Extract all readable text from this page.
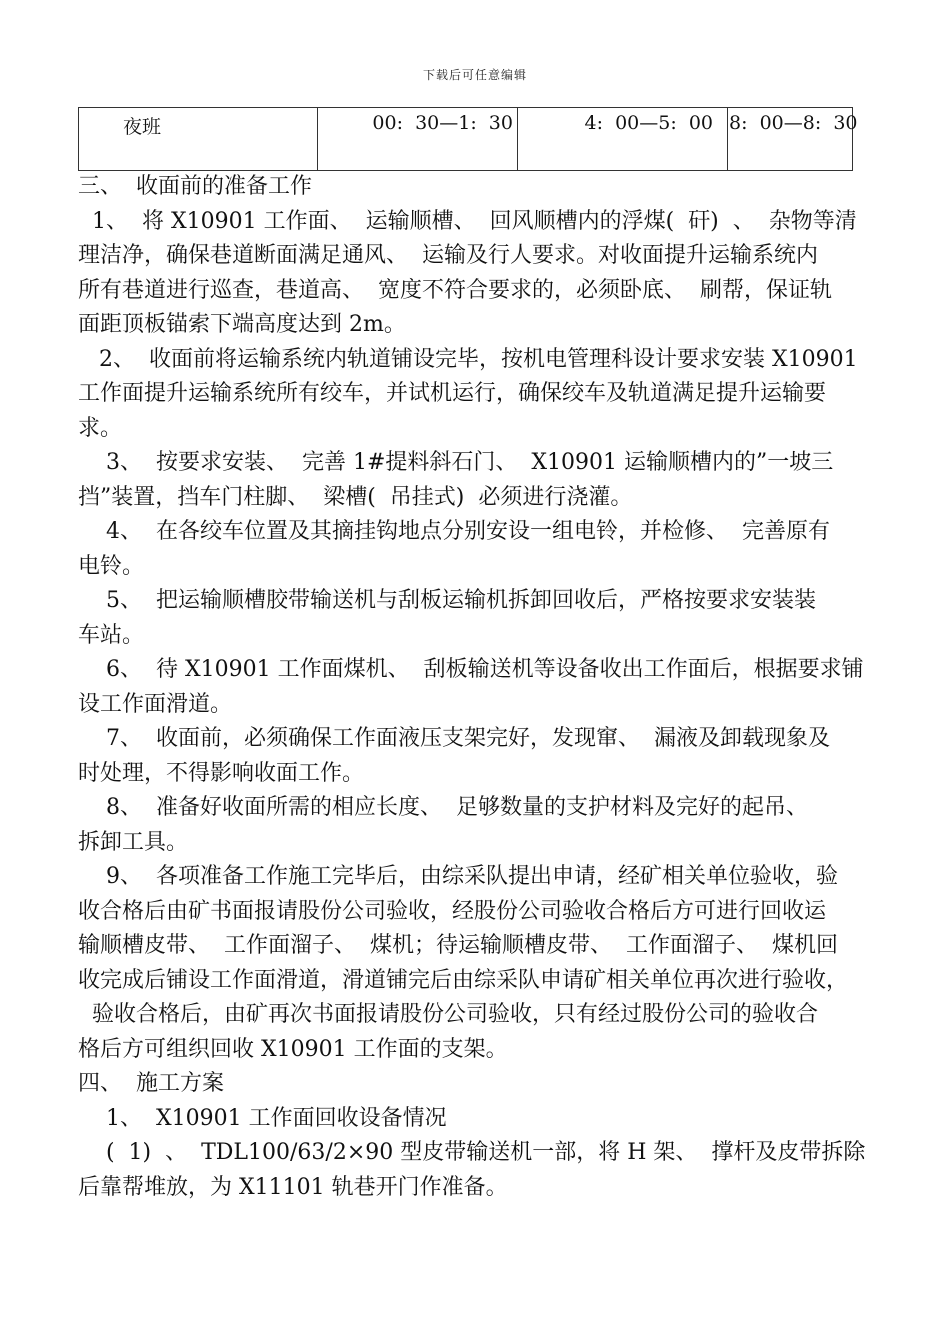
下载后可任意编辑
夜班	00:  30—1:  30	4:  00—5:  00	8:  00—8:  30

三、  收面前的准备工作

1、  将 X10901 工作面、  运输顺槽、  回风顺槽内的浮煤(  矸)  、  杂物等清

理洁净，确保巷道断面满足通风、  运输及行人要求。对收面提升运输系统内

所有巷道进行巡查，巷道高、  宽度不符合要求的，必须卧底、  刷帮，保证轨

面距顶板锚索下端高度达到 2m。

2、  收面前将运输系统内轨道铺设完毕，按机电管理科设计要求安装 X10901

工作面提升运输系统所有绞车，并试机运行，确保绞车及轨道满足提升运输要

求。

3、  按要求安装、  完善 1#提料斜石门、  X10901 运输顺槽内的”一坡三

挡”装置，挡车门柱脚、  梁槽(  吊挂式)  必须进行浇灌。

4、  在各绞车位置及其摘挂钩地点分别安设一组电铃，并检修、  完善原有

电铃。

5、  把运输顺槽胶带输送机与刮板运输机拆卸回收后，严格按要求安装装

车站。

6、  待 X10901 工作面煤机、  刮板输送机等设备收出工作面后，根据要求铺

设工作面滑道。

7、  收面前，必须确保工作面液压支架完好，发现窜、  漏液及卸载现象及

时处理，不得影响收面工作。

8、  准备好收面所需的相应长度、  足够数量的支护材料及完好的起吊、

拆卸工具。

9、  各项准备工作施工完毕后，由综采队提出申请，经矿相关单位验收，验

收合格后由矿书面报请股份公司验收，经股份公司验收合格后方可进行回收运

输顺槽皮带、  工作面溜子、  煤机；待运输顺槽皮带、  工作面溜子、  煤机回

收完成后铺设工作面滑道，滑道铺完后由综采队申请矿相关单位再次进行验收，

验收合格后，由矿再次书面报请股份公司验收，只有经过股份公司的验收合

格后方可组织回收 X10901 工作面的支架。

四、  施工方案

1、  X10901 工作面回收设备情况

(  1)  、  TDL100/63/2×90 型皮带输送机一部，将 H 架、  撑杆及皮带拆除

后靠帮堆放，为 X11101 轨巷开门作准备。
